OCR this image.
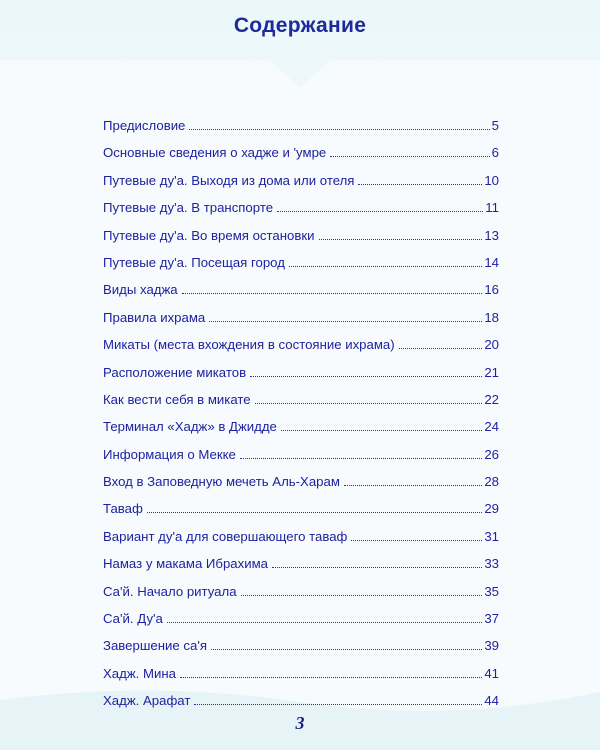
Содержание
Предисловие	5
Основные сведения о хадже и 'умре	6
Путевые ду'а. Выходя из дома или отеля	10
Путевые ду'а. В транспорте	11
Путевые ду'а. Во время остановки	13
Путевые ду'а. Посещая город	14
Виды хаджа	16
Правила ихрама	18
Микаты (места вхождения в состояние ихрама)	20
Расположение микатов	21
Как вести себя в микате	22
Терминал «Хадж» в Джидде	24
Информация о Мекке	26
Вход в Заповедную мечеть Аль-Харам	28
Таваф	29
Вариант ду'а для совершающего таваф	31
Намаз у макама Ибрахима	33
Са'й. Начало ритуала	35
Са'й. Ду'а	37
Завершение са'я	39
Хадж. Мина	41
Хадж. Арафат	44
3
